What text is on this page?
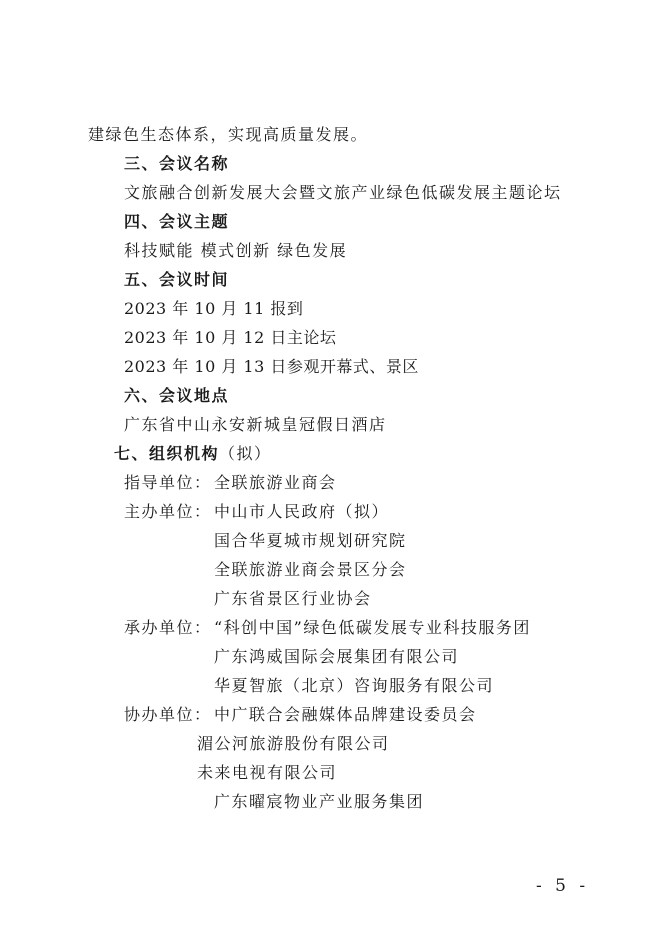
建绿色生态体系，实现高质量发展。
三、会议名称
文旅融合创新发展大会暨文旅产业绿色低碳发展主题论坛
四、会议主题
科技赋能 模式创新 绿色发展
五、会议时间
2023 年 10 月 11 报到
2023 年 10 月 12 日主论坛
2023 年 10 月 13 日参观开幕式、景区
六、会议地点
广东省中山永安新城皇冠假日酒店
七、组织机构（拟）
指导单位： 全联旅游业商会
主办单位： 中山市人民政府（拟）
国合华夏城市规划研究院
全联旅游业商会景区分会
广东省景区行业协会
承办单位： “科创中国”绿色低碳发展专业科技服务团
广东鸿威国际会展集团有限公司
华夏智旅（北京）咨询服务有限公司
协办单位： 中广联合会融媒体品牌建设委员会
湄公河旅游股份有限公司
未来电视有限公司
广东曜宸物业产业服务集团
- 5 -
